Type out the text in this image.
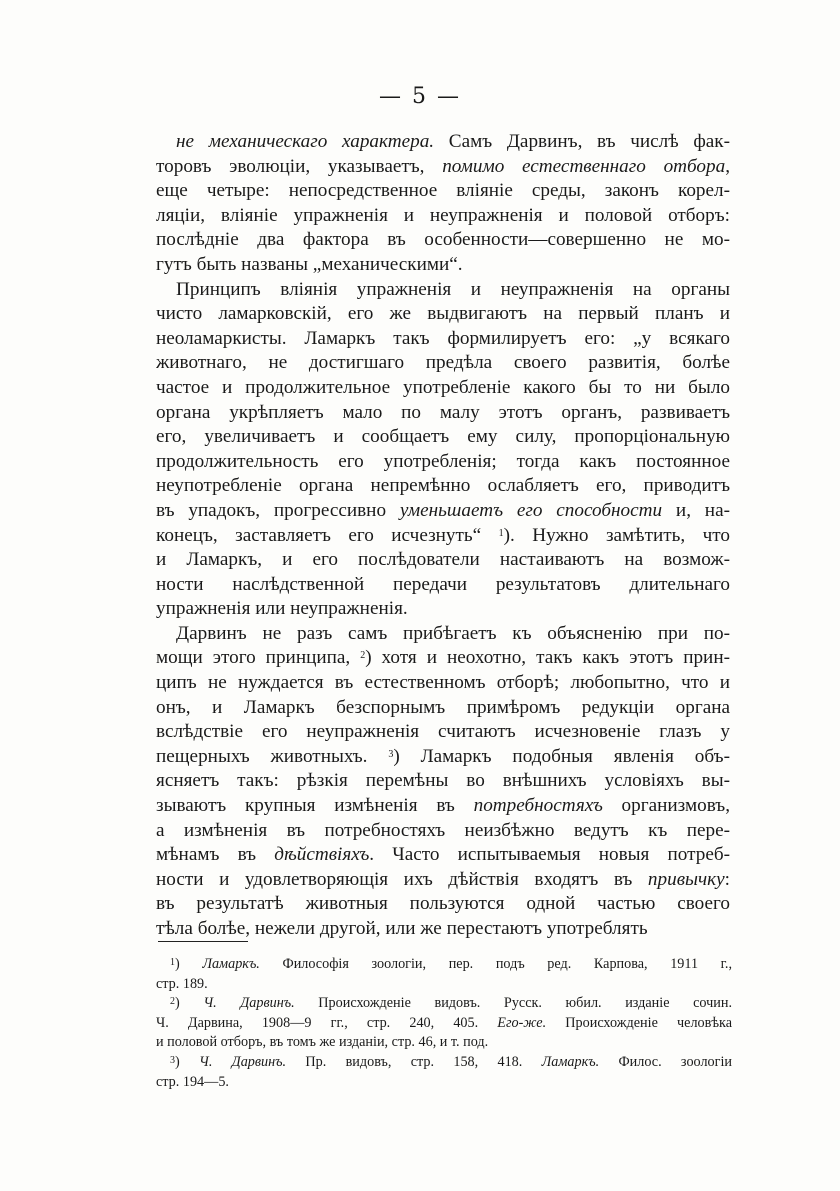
— 5 —
не механическаго характера. Самъ Дарвинъ, въ числѣ фак-
торовъ эволюціи, указываетъ, помимо естественнаго отбора,
еще четыре: непосредственное вліяніе среды, законъ корел-
ляціи, вліяніе упражненія и неупражненія и половой отборъ:
послѣдніе два фактора въ особенности—совершенно не мо-
гутъ быть названы „механическими“.
Принципъ вліянія упражненія и неупражненія на органы
чисто ламарковскій, его же выдвигаютъ на первый планъ и
неоламаркисты. Ламаркъ такъ формилируетъ его: „у всякаго
животнаго, не достигшаго предѣла своего развитія, болѣе
частое и продолжительное употребленіе какого бы то ни было
органа укрѣпляетъ мало по малу этотъ органъ, развиваетъ
его, увеличиваетъ и сообщаетъ ему силу, пропорціональную
продолжительность его употребленія; тогда какъ постоянное
неупотребленіе органа непремѣнно ослабляетъ его, приводитъ
въ упадокъ, прогрессивно уменьшаетъ его способности и, на-
конецъ, заставляетъ его исчезнуть“ $^1$). Нужно замѣтить, что
и Ламаркъ, и его послѣдователи настаиваютъ на возмож-
ности наслѣдственной передачи результатовъ длительнаго
упражненія или неупражненія.
Дарвинъ не разъ самъ прибѣгаетъ къ объясненію при по-
мощи этого принципа, $^2$) хотя и неохотно, такъ какъ этотъ прин-
ципъ не нуждается въ естественномъ отборѣ; любопытно, что и
онъ, и Ламаркъ безспорнымъ примѣромъ редукціи органа
вслѣдствіе его неупражненія считаютъ исчезновеніе глазъ у
пещерныхъ животныхъ. $^3$) Ламаркъ подобныя явленія объ-
ясняетъ такъ: рѣзкія перемѣны во внѣшнихъ условіяхъ вы-
зываютъ крупныя измѣненія въ потребностяхъ организмовъ,
а измѣненія въ потребностяхъ неизбѣжно ведутъ къ пере-
мѣнамъ въ дѣйствіяхъ. Часто испытываемыя новыя потреб-
ности и удовлетворяющія ихъ дѣйствія входятъ въ привычку:
въ результатѣ животныя пользуются одной частью своего
тѣла болѣе, нежели другой, или же перестаютъ употреблять
$^1$) Ламаркъ. Философія зоологіи, пер. подъ ред. Карпова, 1911 г.,
стр. 189.
$^2$) Ч. Дарвинъ. Происхожденіе видовъ. Русск. юбил. изданіе сочин.
Ч. Дарвина, 1908—9 гг., стр. 240, 405. Его-же. Происхожденіе человѣка
и половой отборъ, въ томъ же изданіи, стр. 46, и т. под.
$^3$) Ч. Дарвинъ. Пр. видовъ, стр. 158, 418. Ламаркъ. Филос. зоологіи
стр. 194—5.
